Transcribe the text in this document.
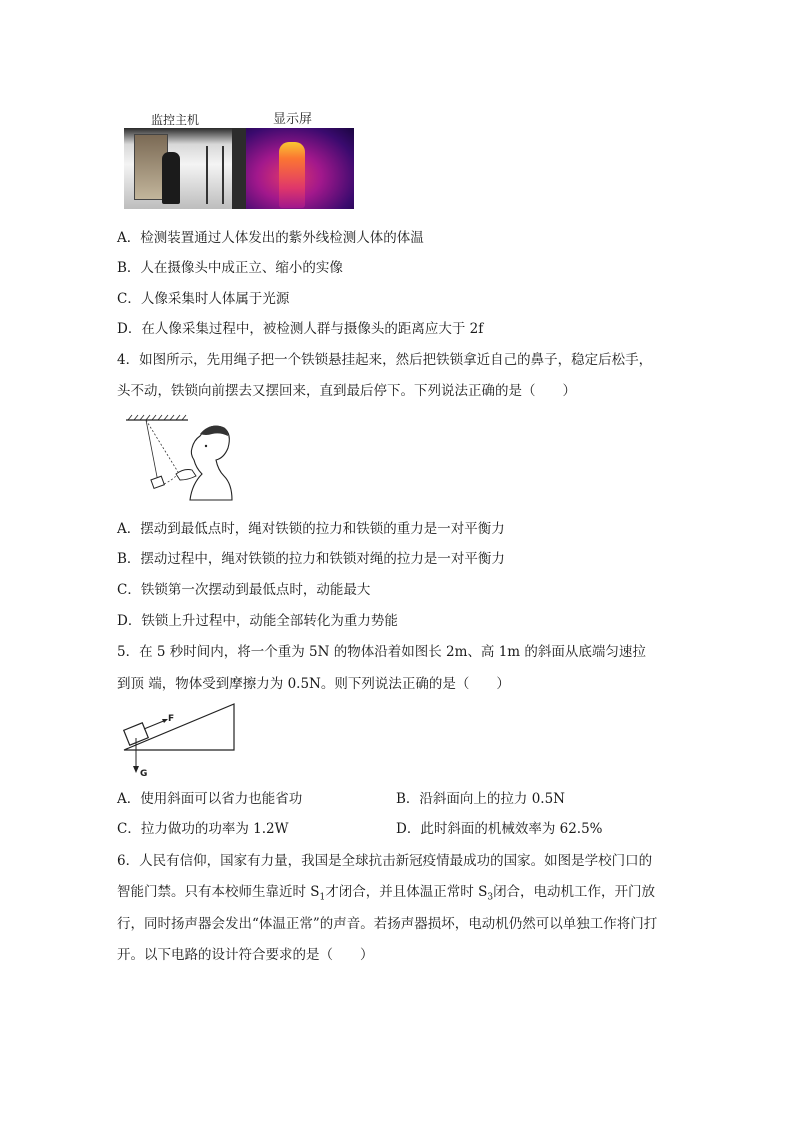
监控主机	显示屏
A．检测装置通过人体发出的紫外线检测人体的体温
B．人在摄像头中成正立、缩小的实像
C．人像采集时人体属于光源
D．在人像采集过程中，被检测人群与摄像头的距离应大于 2f
4．如图所示，先用绳子把一个铁锁悬挂起来，然后把铁锁拿近自己的鼻子，稳定后松手，
头不动，铁锁向前摆去又摆回来，直到最后停下。下列说法正确的是（　　）
A．摆动到最低点时，绳对铁锁的拉力和铁锁的重力是一对平衡力
B．摆动过程中，绳对铁锁的拉力和铁锁对绳的拉力是一对平衡力
C．铁锁第一次摆动到最低点时，动能最大
D．铁锁上升过程中，动能全部转化为重力势能
5．在 5 秒时间内，将一个重为 5N 的物体沿着如图长 2m、高 1m 的斜面从底端匀速拉
到顶 端，物体受到摩擦力为 0.5N。则下列说法正确的是（　　）
F
G
A．使用斜面可以省力也能省功	B．沿斜面向上的拉力 0.5N
C．拉力做功的功率为 1.2W	D．此时斜面的机械效率为 62.5%
6．人民有信仰，国家有力量，我国是全球抗击新冠疫情最成功的国家。如图是学校门口的
智能门禁。只有本校师生靠近时 $S_1$才闭合，并且体温正常时 $S_3$闭合，电动机工作，开门放
行，同时扬声器会发出“体温正常”的声音。若扬声器损坏，电动机仍然可以单独工作将门打
开。以下电路的设计符合要求的是（　　）
